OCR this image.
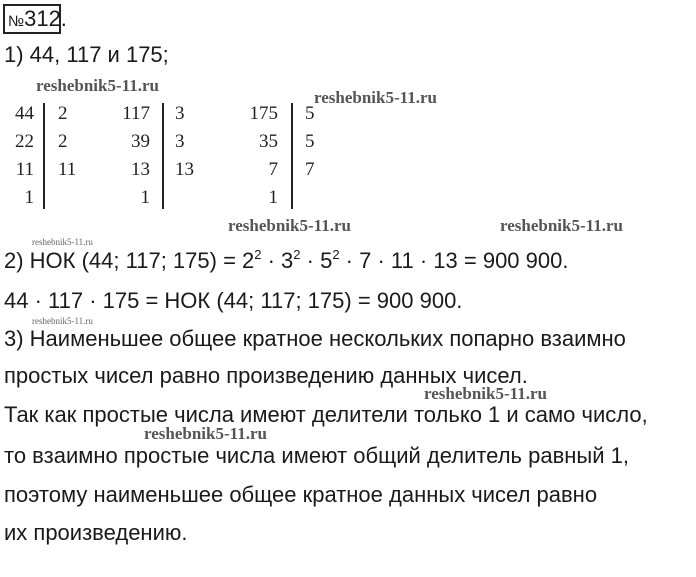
№312.
1) 44, 117 и 175;
reshebnik5-11.ru
reshebnik5-11.ru
reshebnik5-11.ru	reshebnik5-11.ru
reshebnik5-11.ru
reshebnik5-11.ru
reshebnik5-11.ru
reshebnik5-11.ru
44
22
11
1
2
2
11
117
39
13
1
3
3
13
175
35
7
1
5
5
7
2) НОК (44; 117; $175) = 2^2 \cdot 3^2 \cdot 5^2 \cdot 7 \cdot 11 \cdot 13 = 900$ 900.
44 · 117 · 175 = НОК (44; 117; 175) = 900 900.
3) Наименьшее общее кратное нескольких попарно взаимно
простых чисел равно произведению данных чисел.
Так как простые числа имеют делители только 1 и само число,
то взаимно простые числа имеют общий делитель равный 1,
поэтому наименьшее общее кратное данных чисел равно
их произведению.
